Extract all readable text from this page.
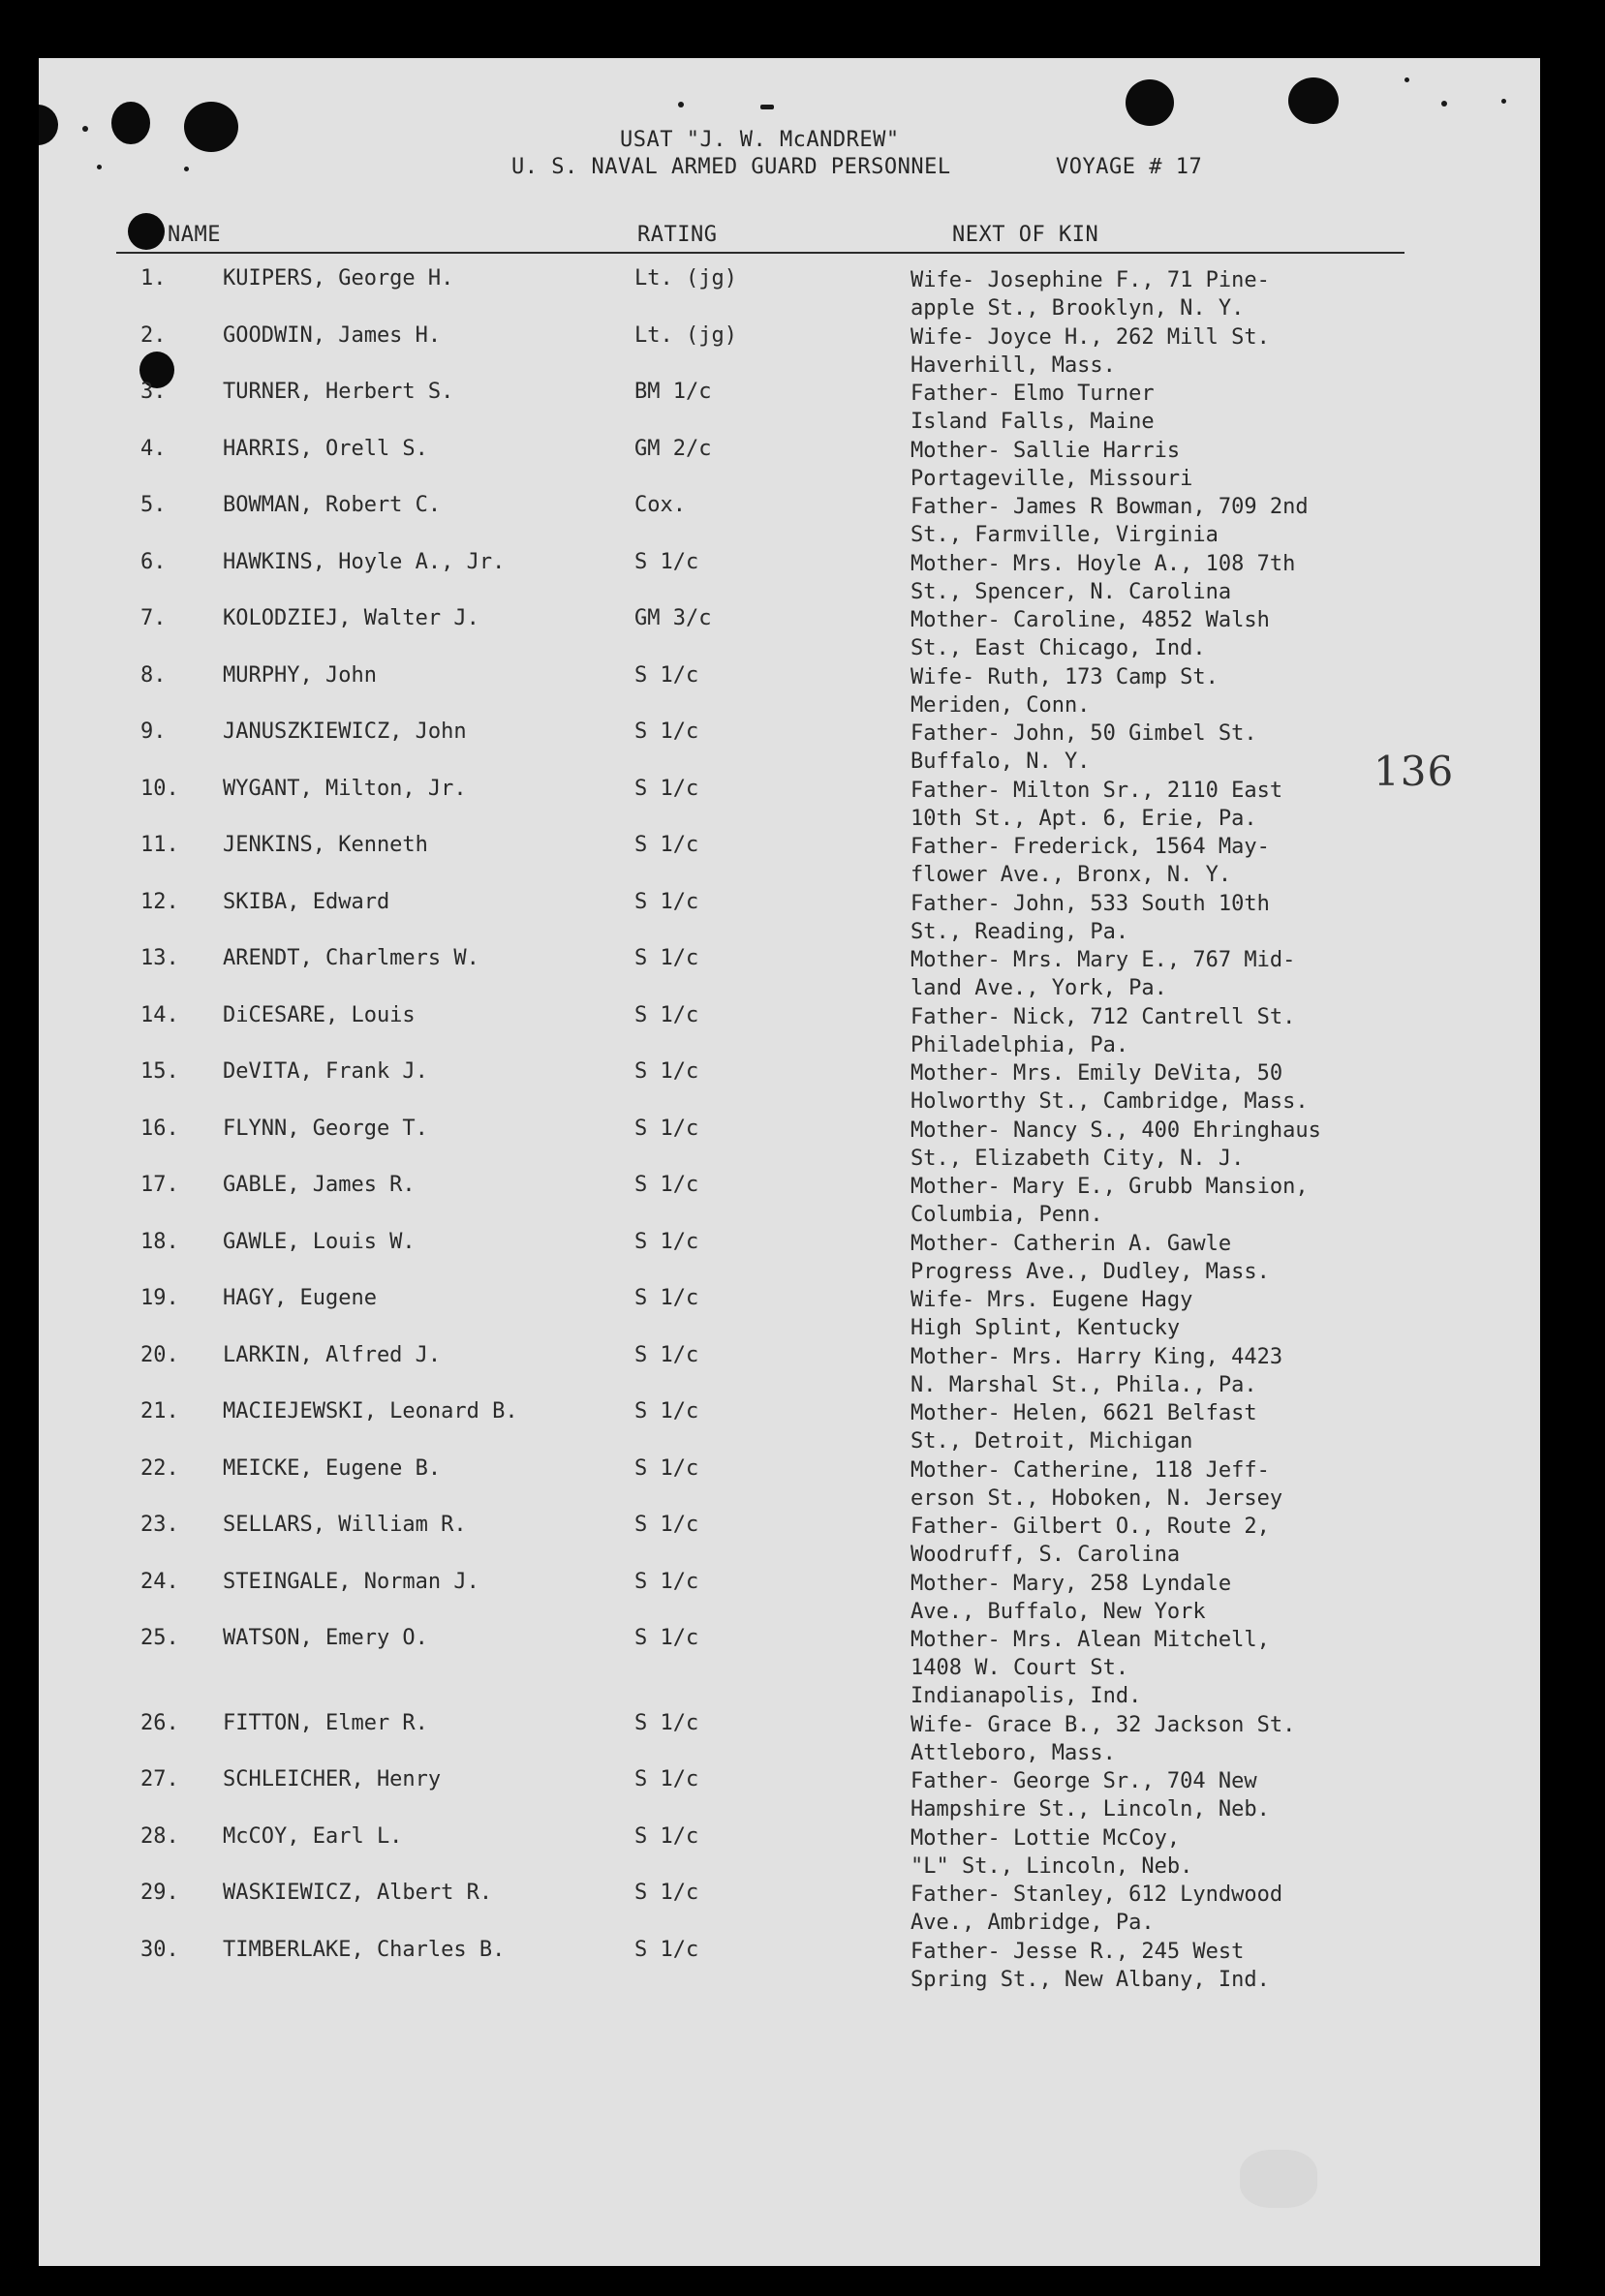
USAT "J. W. McANDREW"
U. S. NAVAL ARMED GUARD PERSONNEL	VOYAGE # 17
NAME	RATING	NEXT OF KIN
136
1.	KUIPERS, George H.	Lt. (jg)	Wife- Josephine F., 71 Pine-
apple St., Brooklyn, N. Y.
2.	GOODWIN, James H.	Lt. (jg)	Wife- Joyce H., 262 Mill St.
Haverhill, Mass.
3.	TURNER, Herbert S.	BM 1/c	Father- Elmo Turner
Island Falls, Maine
4.	HARRIS, Orell S.	GM 2/c	Mother- Sallie Harris
Portageville, Missouri
5.	BOWMAN, Robert C.	Cox.	Father- James R Bowman, 709 2nd
St., Farmville, Virginia
6.	HAWKINS, Hoyle A., Jr.	S 1/c	Mother- Mrs. Hoyle A., 108 7th
St., Spencer, N. Carolina
7.	KOLODZIEJ, Walter J.	GM 3/c	Mother- Caroline, 4852 Walsh
St., East Chicago, Ind.
8.	MURPHY, John	S 1/c	Wife- Ruth, 173 Camp St.
Meriden, Conn.
9.	JANUSZKIEWICZ, John	S 1/c	Father- John, 50 Gimbel St.
Buffalo, N. Y.
10.	WYGANT, Milton, Jr.	S 1/c	Father- Milton Sr., 2110 East
10th St., Apt. 6, Erie, Pa.
11.	JENKINS, Kenneth	S 1/c	Father- Frederick, 1564 May-
flower Ave., Bronx, N. Y.
12.	SKIBA, Edward	S 1/c	Father- John, 533 South 10th
St., Reading, Pa.
13.	ARENDT, Charlmers W.	S 1/c	Mother- Mrs. Mary E., 767 Mid-
land Ave., York, Pa.
14.	DiCESARE, Louis	S 1/c	Father- Nick, 712 Cantrell St.
Philadelphia, Pa.
15.	DeVITA, Frank J.	S 1/c	Mother- Mrs. Emily DeVita, 50
Holworthy St., Cambridge, Mass.
16.	FLYNN, George T.	S 1/c	Mother- Nancy S., 400 Ehringhaus
St., Elizabeth City, N. J.
17.	GABLE, James R.	S 1/c	Mother- Mary E., Grubb Mansion,
Columbia, Penn.
18.	GAWLE, Louis W.	S 1/c	Mother- Catherin A. Gawle
Progress Ave., Dudley, Mass.
19.	HAGY, Eugene	S 1/c	Wife- Mrs. Eugene Hagy
High Splint, Kentucky
20.	LARKIN, Alfred J.	S 1/c	Mother- Mrs. Harry King, 4423
N. Marshal St., Phila., Pa.
21.	MACIEJEWSKI, Leonard B.	S 1/c	Mother- Helen, 6621 Belfast
St., Detroit, Michigan
22.	MEICKE, Eugene B.	S 1/c	Mother- Catherine, 118 Jeff-
erson St., Hoboken, N. Jersey
23.	SELLARS, William R.	S 1/c	Father- Gilbert O., Route 2,
Woodruff, S. Carolina
24.	STEINGALE, Norman J.	S 1/c	Mother- Mary, 258 Lyndale
Ave., Buffalo, New York
25.	WATSON, Emery O.	S 1/c	Mother- Mrs. Alean Mitchell,
1408 W. Court St.
Indianapolis, Ind.
26.	FITTON, Elmer R.	S 1/c	Wife- Grace B., 32 Jackson St.
Attleboro, Mass.
27.	SCHLEICHER, Henry	S 1/c	Father- George Sr., 704 New
Hampshire St., Lincoln, Neb.
28.	McCOY, Earl L.	S 1/c	Mother- Lottie McCoy,
"L" St., Lincoln, Neb.
29.	WASKIEWICZ, Albert R.	S 1/c	Father- Stanley, 612 Lyndwood
Ave., Ambridge, Pa.
30.	TIMBERLAKE, Charles B.	S 1/c	Father- Jesse R., 245 West
Spring St., New Albany, Ind.
